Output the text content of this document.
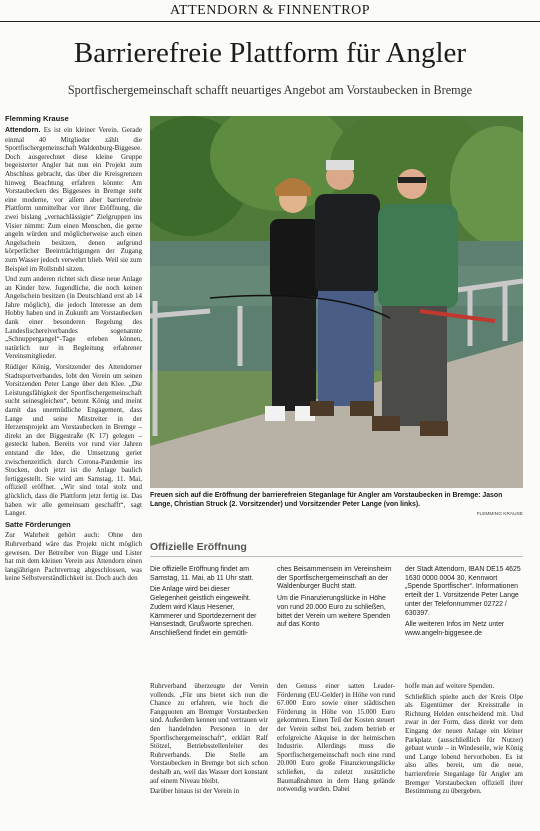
ATTENDORN & FINNENTROP
Barrierefreie Plattform für Angler
Sportfischergemeinschaft schafft neuartiges Angebot am Vorstaubecken in Bremge
Flemming Krause

Attendorn. Es ist ein kleiner Verein. Gerade einmal 40 Mitglieder zählt die Sportfischergemeinschaft Waldenburg-Biggesee. Doch ausgerechnet diese kleine Gruppe begeisterter Angler hat nun ein Projekt zum Abschluss gebracht, das über die Kreisgrenzen hinweg Beachtung erfahren könnte: Am Vorstaubecken des Biggesees in Bremge steht eine moderne, vor allem aber barrierefreie Plattform unmittelbar vor ihrer Eröffnung, die zwei bislang „vernachlässigte“ Zielgruppen ins Visier nimmt: Zum einen Menschen, die gerne angeln würden und möglicherweise auch einen Angelschein besitzen, denen aufgrund körperlicher Beeinträchtigungen der Zugang zum Wasser jedoch verwehrt blieb. Weil sie zum Beispiel im Rollstuhl sitzen.

Und zum anderen richtet sich diese neue Anlage an Kinder bzw. Jugendliche, die noch keinen Angelschein besitzen (in Deutschland erst ab 14 Jahre möglich), die jedoch Interesse an dem Hobby haben und in Zukunft am Vorstaubecken dank einer besonderen Regelung des Landesfischereiverbandes sogenannte „Schnuppergangel“-Tage erleben können, natürlich nur in Begleitung erfahrener Vereinsmitglieder.

Rüdiger König, Vorsitzender des Attendorner Stadtsportverbandes, lobt den Verein um seinen Vorsitzenden Peter Lange über den Klee. „Die Leistungsfähigkeit der Sportfischergemeinschaft sucht seinesgleichen“, betont König und meint damit das unermüdliche Engagement, dass Lange und seine Mitstreiter in der Herzensprojekt am Vorstaubecken in Bremge – direkt an der Biggestraße (K 17) gelegen – gesteckt haben. Bereits vor rund vier Jahren entstand die Idee, die Umsetzung geriet zwischenzeitlich durch Corona-Pandemie ins Stocken, doch jetzt ist die Anlage baulich fertiggestellt. Sie wird am Samstag, 11. Mai, offiziell eröffnet. „Wir sind total stolz und glücklich, dass die Plattform jetzt fertig ist. Das haben wir alle gemeinsam geschafft“, sagt Langer.

Satte Förderungen

Zur Wahrheit gehört auch: Ohne den Ruhrverband wäre das Projekt nicht möglich gewesen. Der Betreiber von Bigge und Lister hat mit dem kleinen Verein aus Attendorn einen langjährigen Pachtvertrag abgeschlossen, was keine Selbstverständlichkeit ist. Doch auch den

Freuen sich auf die Eröffnung der barrierefreien Steganlage für Angler am Vorstaubecken in Bremge: Jason Lange, Christian Struck (2. Vorsitzender) und Vorsitzender Peter Lange (von links).
FLEMMING KRAUSE
Offizielle Eröffnung

Die offizielle Eröffnung findet am Samstag, 11. Mai, ab 11 Uhr statt.

Die Anlage wird bei dieser Gelegenheit geistlich eingeweiht. Zudem wird Klaus Hesener, Kämmerer und Sportdezernent der Hansestadt, Grußworte sprechen. Anschließend findet ein gemütli-

ches Beisammensein im Vereinsheim der Sportfischergemeinschaft an der Waldenburger Bucht statt.

Um die Finanzierungslücke in Höhe von rund 20.000 Euro zu schließen, bittet der Verein um weitere Spenden auf das Konto

der Stadt Attendorn, IBAN DE15 4625 1630 0000 0004 30, Kennwort „Spende Sportfischer“. Informationen erteilt der 1. Vorsitzende Peter Lange unter der Telefonnummer 02722 / 630397.

Alle weiteren Infos im Netz unter www.angeln-biggesee.de

Ruhrverband überzeugte der Verein vollends. „Für uns bietet sich nun die Chance zu erfahren, wie hoch die Fangquoten am Bremger Vorstaubecken sind. Außerdem kennen und vertrauen wir den handelnden Personen in der Sportfischergemeinschaft“, erklärt Ralf Stötzel, Betriebsstellenleiter des Ruhrverbands. Die Stelle am Vorstaubecken in Bremge bot sich schon deshalb an, weil das Wasser dort konstant auf einem Niveau bleibt.

Darüber hinaus ist der Verein in

den Genuss einer satten Leader-Förderung (EU-Gelder) in Höhe von rund 67.000 Euro sowie einer städtischen Förderung in Höhe von 15.000 Euro gekommen. Einen Teil der Kosten steuert der Verein selbst bei, zudem betrieb er erfolgreiche Akquise in der heimischen Industrie. Allerdings muss die Sportfischergemeinschaft noch eine rund 20.000 Euro große Finanzierungslücke schließen, da zuletzt zusätzliche Baumaßnahmen in dem Hang gelände notwendig wurden. Dabei

hoffe man auf weitere Spenden.

Schließlich spielte auch der Kreis Olpe als Eigentümer der Kreisstraße in Richtung Helden entscheidend mit. Und zwar in der Form, dass direkt vor dem Eingang der neuen Anlage ein kleiner Parkplatz (ausschließlich für Nutzer) gebaut wurde – in Windeseile, wie König und Lange lobend hervorhoben. Es ist also alles bereit, um die neue, barrierefreie Steganlage für Angler am Bremger Vorstaubecken offiziell ihrer Bestimmung zu übergeben.
